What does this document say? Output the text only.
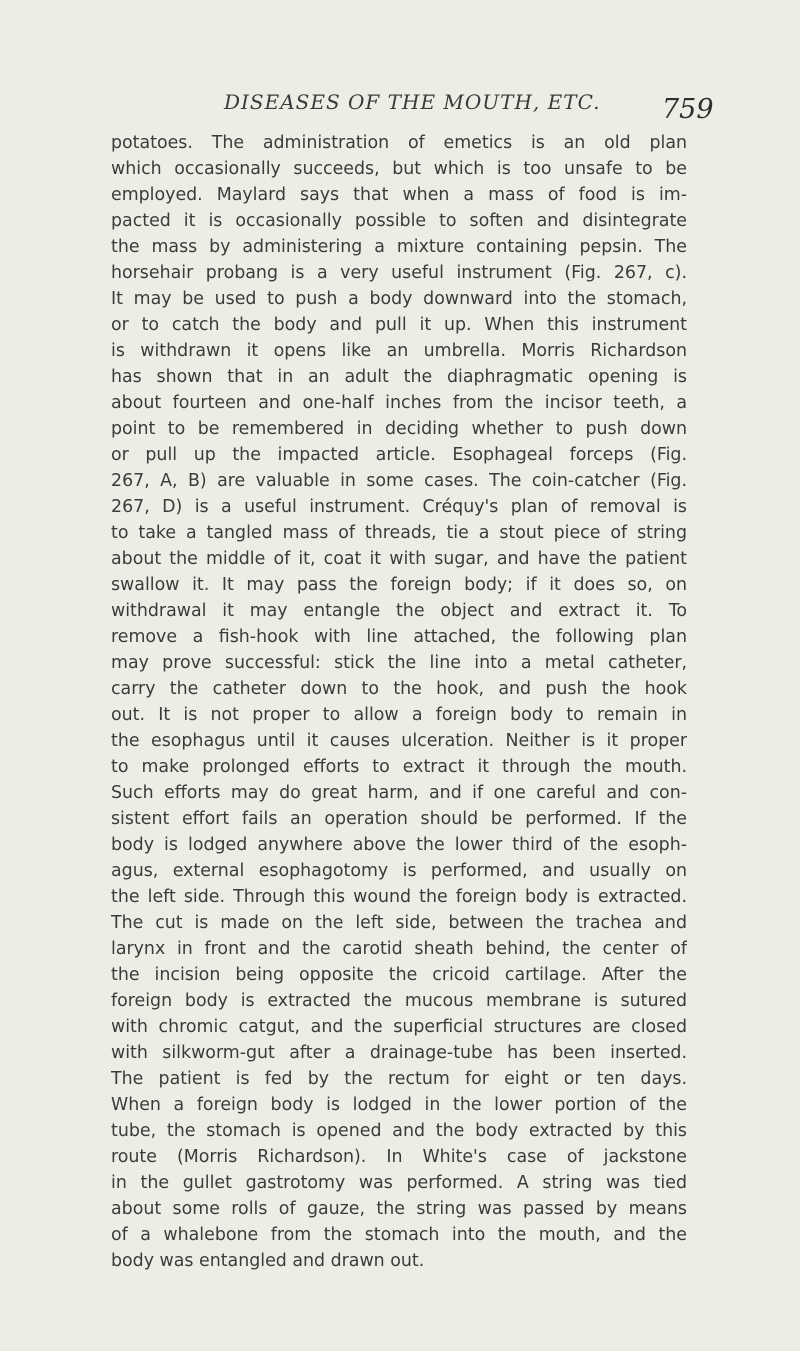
DISEASES OF THE MOUTH, ETC. 759
potatoes. The administration of emetics is an old plan
which occasionally succeeds, but which is too unsafe to be
employed. Maylard says that when a mass of food is im-
pacted it is occasionally possible to soften and disintegrate
the mass by administering a mixture containing pepsin. The
horsehair probang is a very useful instrument (Fig. 267, c).
It may be used to push a body downward into the stomach,
or to catch the body and pull it up. When this instrument
is withdrawn it opens like an umbrella. Morris Richardson
has shown that in an adult the diaphragmatic opening is
about fourteen and one-half inches from the incisor teeth, a
point to be remembered in deciding whether to push down
or pull up the impacted article. Esophageal forceps (Fig.
267, A, B) are valuable in some cases. The coin-catcher (Fig.
267, D) is a useful instrument. Créquy's plan of removal is
to take a tangled mass of threads, tie a stout piece of string
about the middle of it, coat it with sugar, and have the patient
swallow it. It may pass the foreign body; if it does so, on
withdrawal it may entangle the object and extract it. To
remove a fish-hook with line attached, the following plan
may prove successful: stick the line into a metal catheter,
carry the catheter down to the hook, and push the hook
out. It is not proper to allow a foreign body to remain in
the esophagus until it causes ulceration. Neither is it proper
to make prolonged efforts to extract it through the mouth.
Such efforts may do great harm, and if one careful and con-
sistent effort fails an operation should be performed. If the
body is lodged anywhere above the lower third of the esoph-
agus, external esophagotomy is performed, and usually on
the left side. Through this wound the foreign body is extracted.
The cut is made on the left side, between the trachea and
larynx in front and the carotid sheath behind, the center of
the incision being opposite the cricoid cartilage. After the
foreign body is extracted the mucous membrane is sutured
with chromic catgut, and the superficial structures are closed
with silkworm-gut after a drainage-tube has been inserted.
The patient is fed by the rectum for eight or ten days.
When a foreign body is lodged in the lower portion of the
tube, the stomach is opened and the body extracted by this
route (Morris Richardson). In White's case of jackstone
in the gullet gastrotomy was performed. A string was tied
about some rolls of gauze, the string was passed by means
of a whalebone from the stomach into the mouth, and the
body was entangled and drawn out.
